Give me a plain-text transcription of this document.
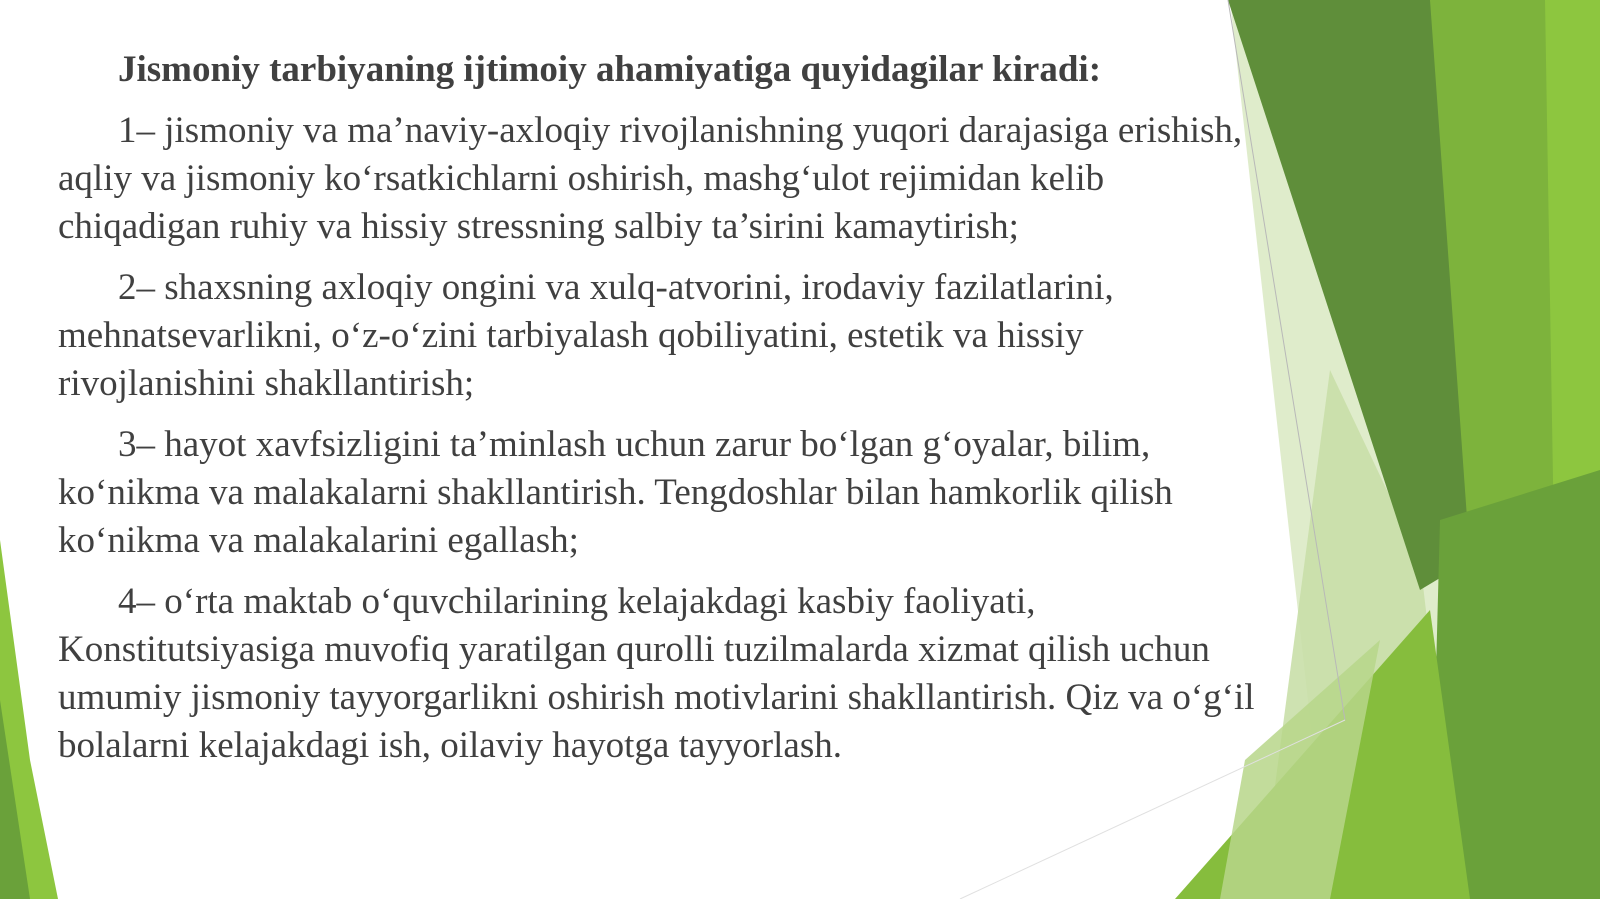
Jismoniy tarbiyaning ijtimoiy ahamiyatiga quyidagilar kiradi:

1– jismoniy va ma’naviy-axloqiy rivojlanishning yuqori darajasiga erishish, aqliy va jismoniy ko‘rsatkichlarni oshirish, mashg‘ulot rejimidan kelib chiqadigan ruhiy va hissiy stressning salbiy ta’sirini kamaytirish;

2– shaxsning axloqiy ongini va xulq-atvorini, irodaviy fazilatlarini, mehnatsevarlikni, o‘z-o‘zini tarbiyalash qobiliyatini, estetik va hissiy rivojlanishini shakllantirish;

3– hayot xavfsizligini ta’minlash uchun zarur bo‘lgan g‘oyalar, bilim, ko‘nikma va malakalarni shakllantirish. Tengdoshlar bilan hamkorlik qilish ko‘nikma va malakalarini egallash;

4– o‘rta maktab o‘quvchilarining kelajakdagi kasbiy faoliyati, Konstitutsiyasiga muvofiq yaratilgan qurolli tuzilmalarda xizmat qilish uchun umumiy jismoniy tayyorgarlikni oshirish motivlarini shakllantirish. Qiz va o‘g‘il bolalarni kelajakdagi ish, oilaviy hayotga tayyorlash.
